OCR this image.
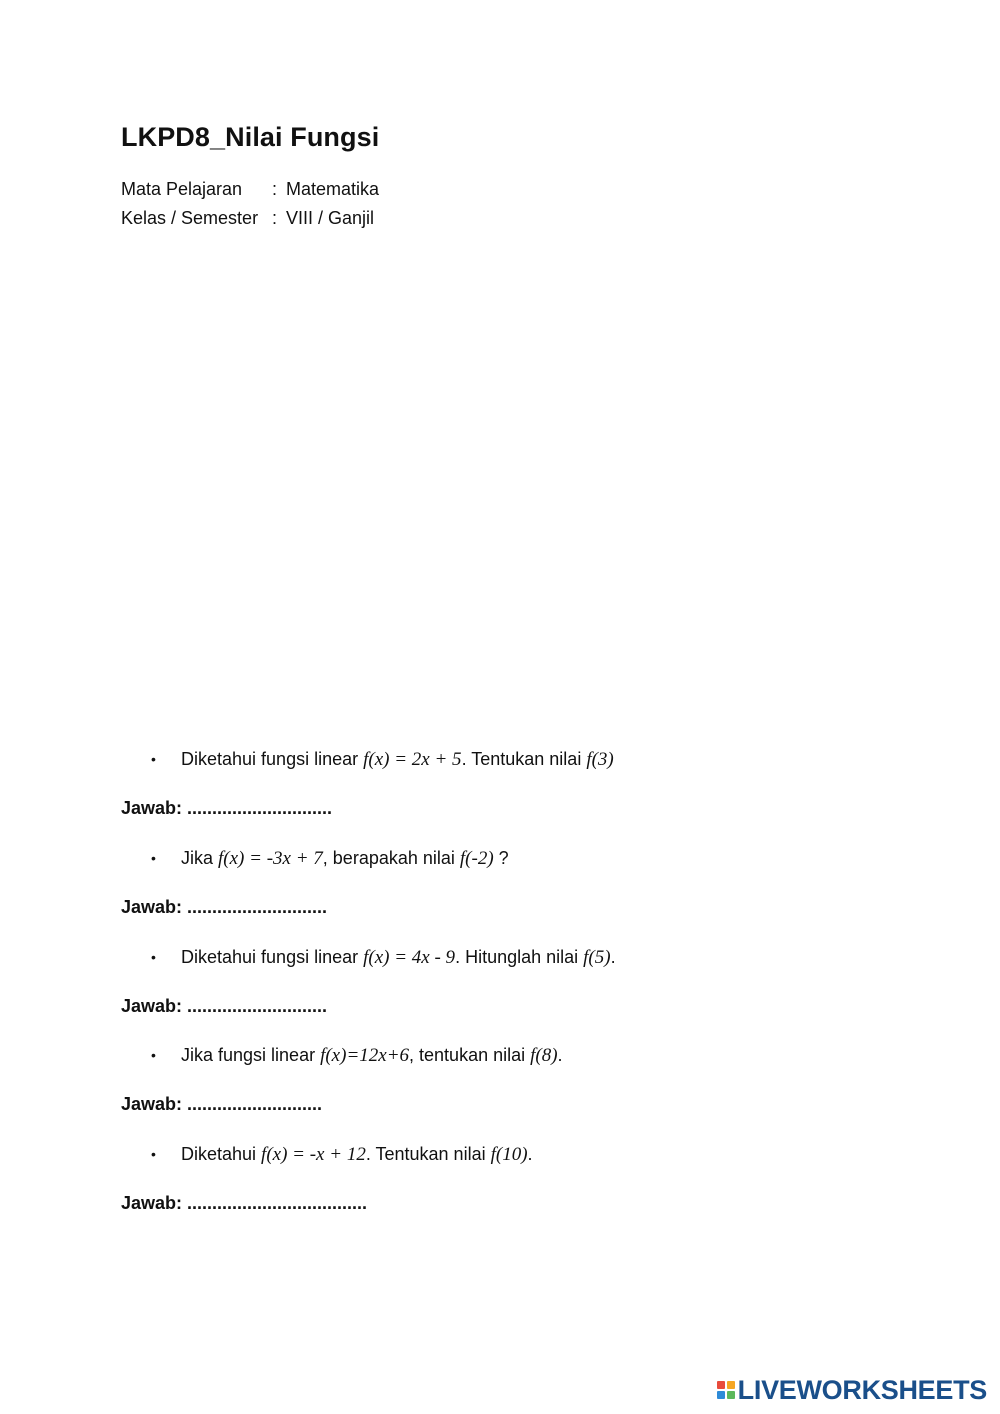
LKPD8_Nilai Fungsi
Mata Pelajaran : Matematika
Kelas / Semester : VIII / Ganjil
• Diketahui fungsi linear f(x) = 2x + 5. Tentukan nilai f(3)
Jawab: .............................
• Jika f(x) = -3x + 7, berapakah nilai f(-2) ?
Jawab: ............................
• Diketahui fungsi linear f(x) = 4x - 9. Hitunglah nilai f(5).
Jawab: ............................
• Jika fungsi linear f(x)=12x+6, tentukan nilai f(8).
Jawab: ...........................
• Diketahui f(x) = -x + 12. Tentukan nilai f(10).
Jawab: ....................................
LIVEWORKSHEETS
